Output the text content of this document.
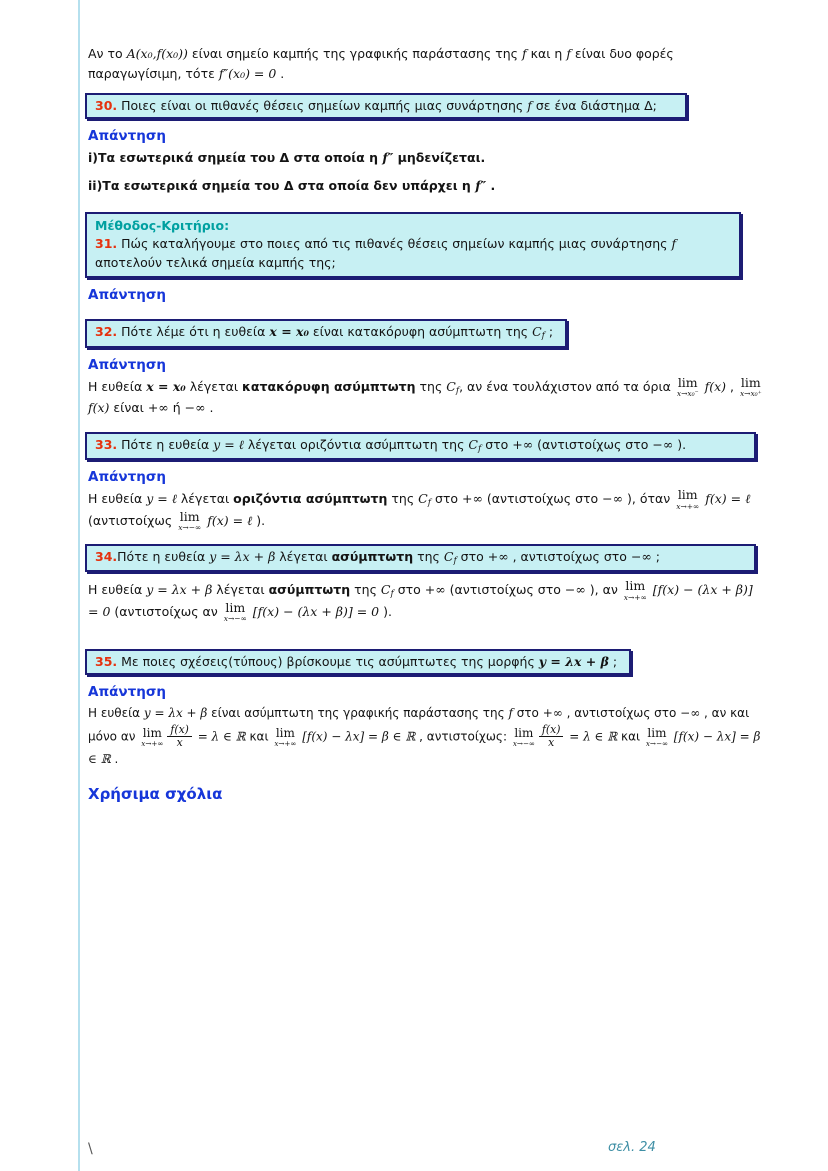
Αν το A(x₀,f(x₀)) είναι σημείο καμπής της γραφικής παράστασης της f και η f είναι δυο φορές παραγωγίσιμη, τότε f″(x₀) = 0 .

30. Ποιες είναι οι πιθανές θέσεις σημείων καμπής μιας συνάρτησης f σε ένα διάστημα Δ;

Απάντηση

i)Τα εσωτερικά σημεία του Δ στα οποία η f″ μηδενίζεται.

ii)Τα εσωτερικά σημεία του Δ στα οποία δεν υπάρχει η f″ .

Μέθοδος-Κριτήριο:

31. Πώς καταλήγουμε στο ποιες από τις πιθανές θέσεις σημείων καμπής μιας συνάρτησης f αποτελούν τελικά σημεία καμπής της;

Απάντηση

32. Πότε λέμε ότι η ευθεία x = x₀ είναι κατακόρυφη ασύμπτωτη της Cf ;

Απάντηση

Η ευθεία x = x₀ λέγεται κατακόρυφη ασύμπτωτη της Cf, αν ένα τουλάχιστον από τα όρια lim
x→x₀⁻ f(x) , lim
x→x₀⁺
f(x) είναι +∞ ή −∞ .

33. Πότε η ευθεία y = ℓ λέγεται οριζόντια ασύμπτωτη της Cf στο +∞ (αντιστοίχως στο −∞ ).

Απάντηση

Η ευθεία y = ℓ λέγεται οριζόντια ασύμπτωτη της Cf στο +∞ (αντιστοίχως στο −∞ ), όταν lim
x→+∞ f(x) = ℓ (αντιστοίχως lim
x→−∞ f(x) = ℓ ).

34.Πότε η ευθεία y = λx + β λέγεται ασύμπτωτη της Cf στο +∞ , αντιστοίχως στο −∞ ;

Η ευθεία y = λx + β λέγεται ασύμπτωτη της Cf στο +∞ (αντιστοίχως στο −∞ ), αν lim
x→+∞ [f(x) − (λx + β)] = 0 (αντιστοίχως αν lim
x→−∞ [f(x) − (λx + β)] = 0 ).

35. Με ποιες σχέσεις(τύπους) βρίσκουμε τις ασύμπτωτες της μορφής y = λx + β ;

Απάντηση

Η ευθεία y = λx + β είναι ασύμπτωτη της γραφικής παράστασης της f στο +∞ , αντιστοίχως στο −∞ , αν και μόνο αν lim
$x\to+\infty \frac{f(x)}{x} = \lambda$ ∈ ℝ και lim
x→+∞ [f(x) − λx] = β ∈ ℝ , αντιστοίχως: lim
$x\to-\infty \frac{f(x)}{x} = \lambda$ ∈ ℝ και lim
x→−∞ [f(x) − λx] = β ∈ ℝ .

Χρήσιμα σχόλια

\	σελ. 24
